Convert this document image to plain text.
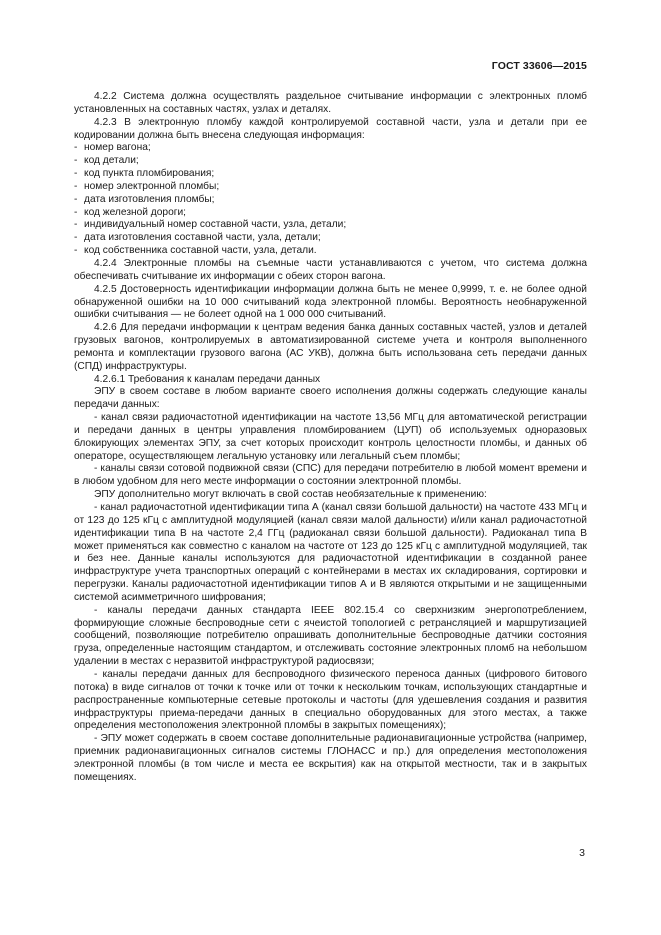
ГОСТ 33606—2015

4.2.2 Система должна осуществлять раздельное считывание информации с электронных пломб установленных на составных частях, узлах и деталях.

4.2.3 В электронную пломбу каждой контролируемой составной части, узла и детали при ее кодировании должна быть внесена следующая информация:

- номер вагона;

- код детали;

- код пункта пломбирования;

- номер электронной пломбы;

- дата изготовления пломбы;

- код железной дороги;

- индивидуальный номер составной части, узла, детали;

- дата изготовления составной части, узла, детали;

- код собственника составной части, узла, детали.

4.2.4 Электронные пломбы на съемные части устанавливаются с учетом, что система должна обеспечивать считывание их информации с обеих сторон вагона.

4.2.5 Достоверность идентификации информации должна быть не менее 0,9999, т. е. не более одной обнаруженной ошибки на 10 000 считываний кода электронной пломбы. Вероятность необнаруженной ошибки считывания — не болеет одной на 1 000 000 считываний.

4.2.6 Для передачи информации к центрам ведения банка данных составных частей, узлов и деталей грузовых вагонов, контролируемых в автоматизированной системе учета и контроля выполненного ремонта и комплектации грузового вагона (АС УКВ), должна быть использована сеть передачи данных (СПД) инфраструктуры.

4.2.6.1 Требования к каналам передачи данных

ЭПУ в своем составе в любом варианте своего исполнения должны содержать следующие каналы передачи данных:

- канал связи радиочастотной идентификации на частоте 13,56 МГц для автоматической регистрации и передачи данных в центры управления пломбированием (ЦУП) об используемых одноразовых блокирующих элементах ЭПУ, за счет которых происходит контроль целостности пломбы, и данных об операторе, осуществляющем легальную установку или легальный съем пломбы;

- каналы связи сотовой подвижной связи (СПС) для передачи потребителю в любой момент времени и в любом удобном для него месте информации о состоянии электронной пломбы.

ЭПУ дополнительно могут включать в свой состав необязательные к применению:

- канал радиочастотной идентификации типа А (канал связи большой дальности) на частоте 433 МГц и от 123 до 125 кГц с амплитудной модуляцией (канал связи малой дальности) и/или канал радиочастотной идентификации типа В на частоте 2,4 ГГц (радиоканал связи большой дальности). Радиоканал типа В может применяться как совместно с каналом на частоте от 123 до 125 кГц с амплитудной модуляцией, так и без нее. Данные каналы используются для радиочастотной идентификации в созданной ранее инфраструктуре учета транспортных операций с контейнерами в местах их складирования, сортировки и перегрузки. Каналы радиочастотной идентификации типов А и В являются открытыми и не защищенными системой асимметричного шифрования;

- каналы передачи данных стандарта IEEE 802.15.4 со сверхнизким энергопотреблением, формирующие сложные беспроводные сети с ячеистой топологией с ретрансляцией и маршрутизацией сообщений, позволяющие потребителю опрашивать дополнительные беспроводные датчики состояния груза, определенные настоящим стандартом, и отслеживать состояние электронных пломб на небольшом удалении в местах с неразвитой инфраструктурой радиосвязи;

- каналы передачи данных для беспроводного физического переноса данных (цифрового битового потока) в виде сигналов от точки к точке или от точки к нескольким точкам, использующих стандартные и распространенные компьютерные сетевые протоколы и частоты (для удешевления создания и развития инфраструктуры приема-передачи данных в специально оборудованных для этого местах, а также определения местоположения электронной пломбы в закрытых помещениях);

- ЭПУ может содержать в своем составе дополнительные радионавигационные устройства (например, приемник радионавигационных сигналов системы ГЛОНАСС и пр.) для определения местоположения электронной пломбы (в том числе и места ее вскрытия) как на открытой местности, так и в закрытых помещениях.

3
